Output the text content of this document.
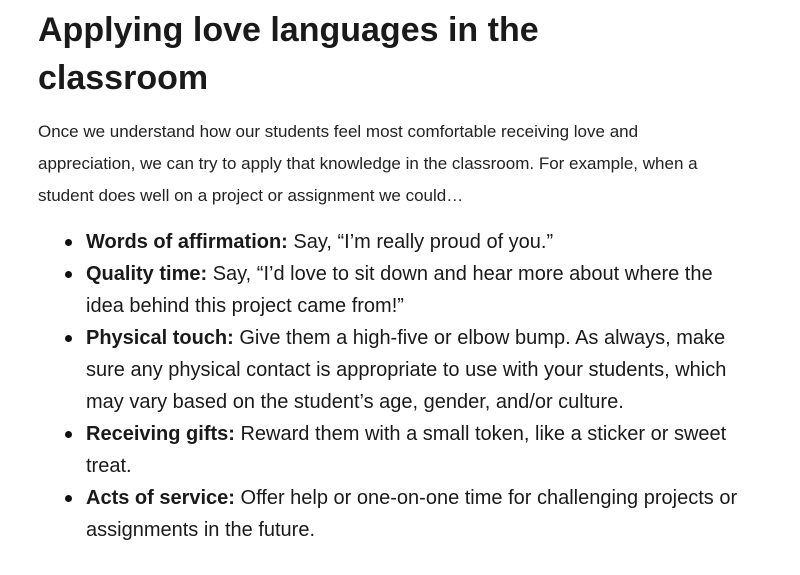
Applying love languages in the classroom

Once we understand how our students feel most comfortable receiving love and appreciation, we can try to apply that knowledge in the classroom. For example, when a student does well on a project or assignment we could…

Words of affirmation: Say, “I’m really proud of you.”
Quality time: Say, “I’d love to sit down and hear more about where the idea behind this project came from!”
Physical touch: Give them a high-five or elbow bump. As always, make sure any physical contact is appropriate to use with your students, which may vary based on the student’s age, gender, and/or culture.
Receiving gifts: Reward them with a small token, like a sticker or sweet treat.
Acts of service: Offer help or one-on-one time for challenging projects or assignments in the future.
